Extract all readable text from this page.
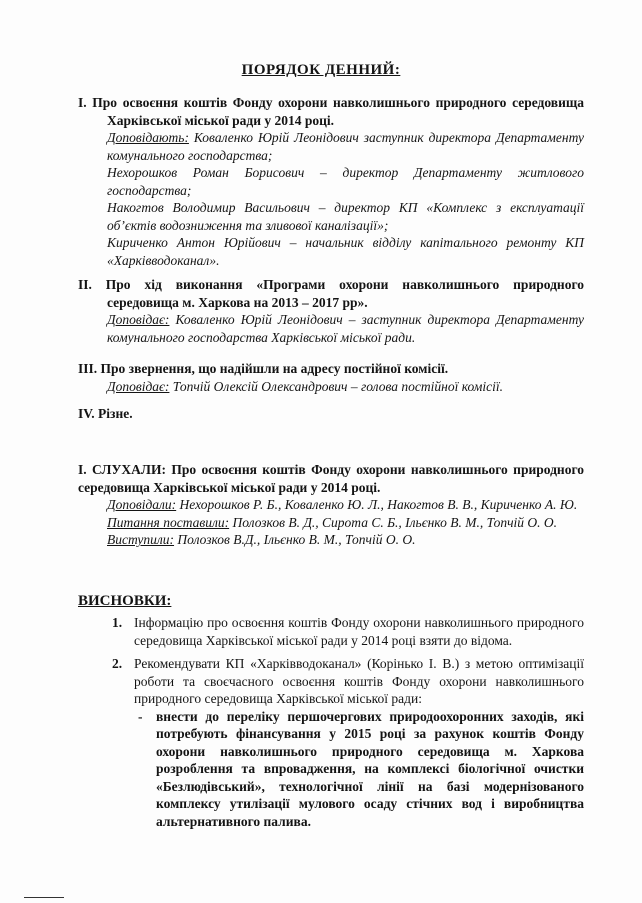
ПОРЯДОК ДЕННИЙ:
I. Про освоєння коштів Фонду охорони навколишнього природного середовища Харківської міської ради у 2014 році.
Доповідають: Коваленко Юрій Леонідович заступник директора Департаменту комунального господарства;
Нехорошков Роман Борисович – директор Департаменту житлового господарства;
Накогтов Володимир Васильович – директор КП «Комплекс з експлуатації об’єктів водозниження та зливової каналізації»;
Кириченко Антон Юрійович – начальник відділу капітального ремонту КП «Харківводоканал».
II. Про хід виконання «Програми охорони навколишнього природного середовища м. Харкова на 2013 – 2017 рр».
Доповідає: Коваленко Юрій Леонідович – заступник директора Департаменту комунального господарства Харківської міської ради.
III. Про звернення, що надійшли на адресу постійної комісії.
Доповідає: Топчій Олексій Олександрович – голова постійної комісії.
IV. Різне.
I. СЛУХАЛИ: Про освоєння коштів Фонду охорони навколишнього природного середовища Харківської міської ради у 2014 році.
Доповідали: Нехорошков Р. Б., Коваленко Ю. Л., Накогтов В. В., Кириченко А. Ю.
Питання поставили: Полозков В. Д., Сирота С. Б., Ільєнко В. М., Топчій О. О.
Виступили: Полозков В.Д., Ільєнко В. М., Топчій О. О.
ВИСНОВКИ:
1. Інформацію про освоєння коштів Фонду охорони навколишнього природного середовища Харківської міської ради у 2014 році взяти до відома.
2. Рекомендувати КП «Харківводоканал» (Корінько І. В.) з метою оптимізації роботи та своєчасного освоєння коштів Фонду охорони навколишнього природного середовища Харківської міської ради:
- внести до переліку першочергових природоохоронних заходів, які потребують фінансування у 2015 році за рахунок коштів Фонду охорони навколишнього природного середовища м. Харкова розроблення та впровадження, на комплексі біологічної очистки «Безлюдівський», технологічної лінії на базі модернізованого комплексу утилізації мулового осаду стічних вод і виробництва альтернативного палива.
